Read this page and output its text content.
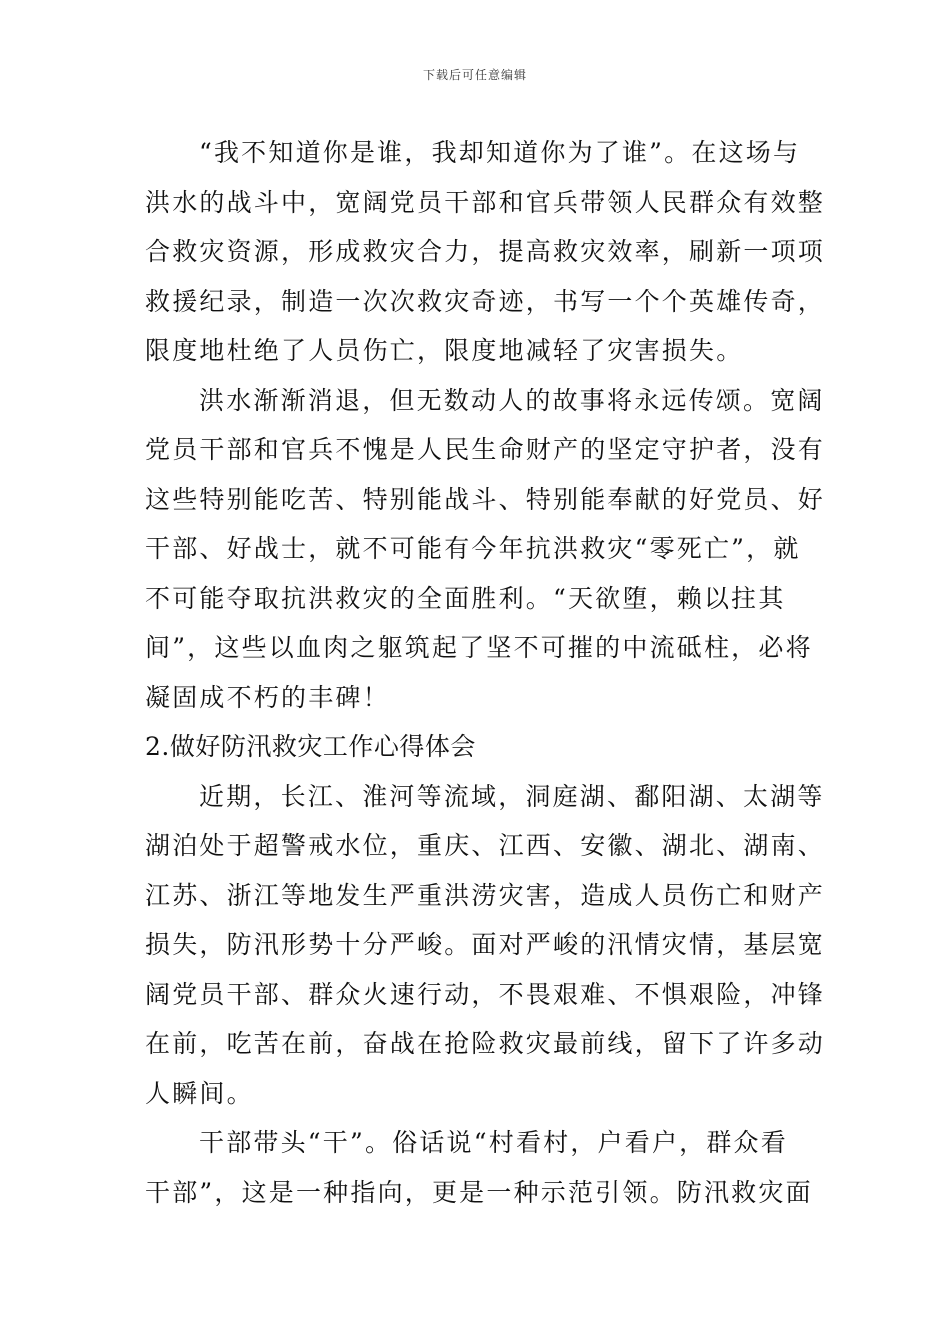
下载后可任意编辑
“我不知道你是谁，我却知道你为了谁”。在这场与
洪水的战斗中，宽阔党员干部和官兵带领人民群众有效整
合救灾资源，形成救灾合力，提高救灾效率，刷新一项项
救援纪录，制造一次次救灾奇迹，书写一个个英雄传奇，
限度地杜绝了人员伤亡，限度地减轻了灾害损失。
洪水渐渐消退，但无数动人的故事将永远传颂。宽阔
党员干部和官兵不愧是人民生命财产的坚定守护者，没有
这些特别能吃苦、特别能战斗、特别能奉献的好党员、好
干部、好战士，就不可能有今年抗洪救灾“零死亡”，就
不可能夺取抗洪救灾的全面胜利。“天欲堕，赖以拄其
间”，这些以血肉之躯筑起了坚不可摧的中流砥柱，必将
凝固成不朽的丰碑！
2.做好防汛救灾工作心得体会
近期，长江、淮河等流域，洞庭湖、鄱阳湖、太湖等
湖泊处于超警戒水位，重庆、江西、安徽、湖北、湖南、
江苏、浙江等地发生严重洪涝灾害，造成人员伤亡和财产
损失，防汛形势十分严峻。面对严峻的汛情灾情，基层宽
阔党员干部、群众火速行动，不畏艰难、不惧艰险，冲锋
在前，吃苦在前，奋战在抢险救灾最前线，留下了许多动
人瞬间。
干部带头“干”。俗话说“村看村，户看户，群众看
干部”，这是一种指向，更是一种示范引领。防汛救灾面
